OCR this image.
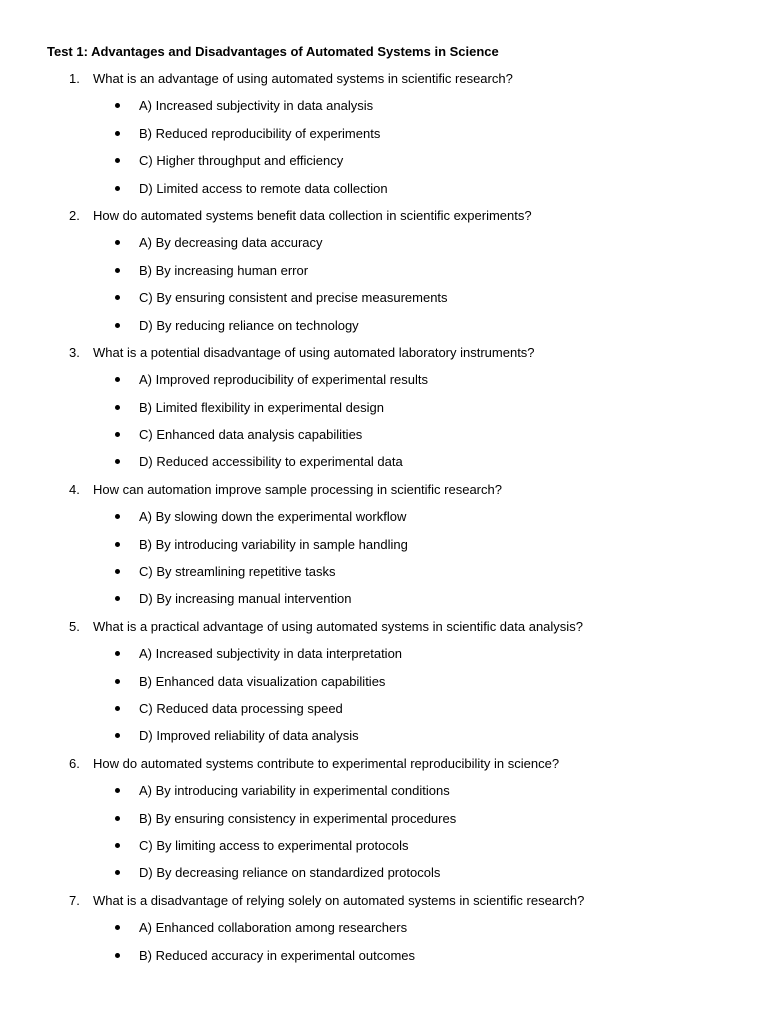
Test 1: Advantages and Disadvantages of Automated Systems in Science
1. What is an advantage of using automated systems in scientific research?
A) Increased subjectivity in data analysis
B) Reduced reproducibility of experiments
C) Higher throughput and efficiency
D) Limited access to remote data collection
2. How do automated systems benefit data collection in scientific experiments?
A) By decreasing data accuracy
B) By increasing human error
C) By ensuring consistent and precise measurements
D) By reducing reliance on technology
3. What is a potential disadvantage of using automated laboratory instruments?
A) Improved reproducibility of experimental results
B) Limited flexibility in experimental design
C) Enhanced data analysis capabilities
D) Reduced accessibility to experimental data
4. How can automation improve sample processing in scientific research?
A) By slowing down the experimental workflow
B) By introducing variability in sample handling
C) By streamlining repetitive tasks
D) By increasing manual intervention
5. What is a practical advantage of using automated systems in scientific data analysis?
A) Increased subjectivity in data interpretation
B) Enhanced data visualization capabilities
C) Reduced data processing speed
D) Improved reliability of data analysis
6. How do automated systems contribute to experimental reproducibility in science?
A) By introducing variability in experimental conditions
B) By ensuring consistency in experimental procedures
C) By limiting access to experimental protocols
D) By decreasing reliance on standardized protocols
7. What is a disadvantage of relying solely on automated systems in scientific research?
A) Enhanced collaboration among researchers
B) Reduced accuracy in experimental outcomes
